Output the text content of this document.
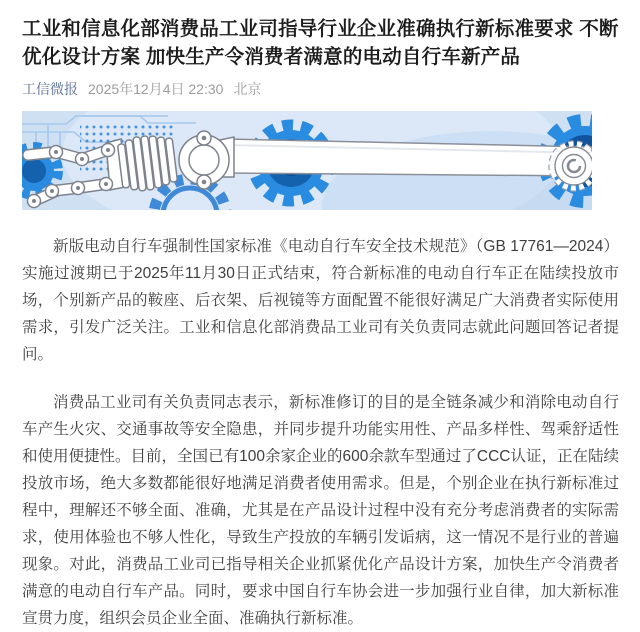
工业和信息化部消费品工业司指导行业企业准确执行新标准要求 不断优化设计方案 加快生产令消费者满意的电动自行车新产品
工信微报 2025年12月4日 22:30 北京

新版电动自行车强制性国家标准《电动自行车安全技术规范》（GB 17761—2024）实施过渡期已于2025年11月30日正式结束，符合新标准的电动自行车正在陆续投放市场，个别新产品的鞍座、后衣架、后视镜等方面配置不能很好满足广大消费者实际使用需求，引发广泛关注。工业和信息化部消费品工业司有关负责同志就此问题回答记者提问。

消费品工业司有关负责同志表示，新标准修订的目的是全链条减少和消除电动自行车产生火灾、交通事故等安全隐患，并同步提升功能实用性、产品多样性、驾乘舒适性和使用便捷性。目前，全国已有100余家企业的600余款车型通过了CCC认证，正在陆续投放市场，绝大多数都能很好地满足消费者使用需求。但是，个别企业在执行新标准过程中，理解还不够全面、准确，尤其是在产品设计过程中没有充分考虑消费者的实际需求，使用体验也不够人性化，导致生产投放的车辆引发诟病，这一情况不是行业的普遍现象。对此，消费品工业司已指导相关企业抓紧优化产品设计方案，加快生产令消费者满意的电动自行车产品。同时，要求中国自行车协会进一步加强行业自律，加大新标准宣贯力度，组织会员企业全面、准确执行新标准。
